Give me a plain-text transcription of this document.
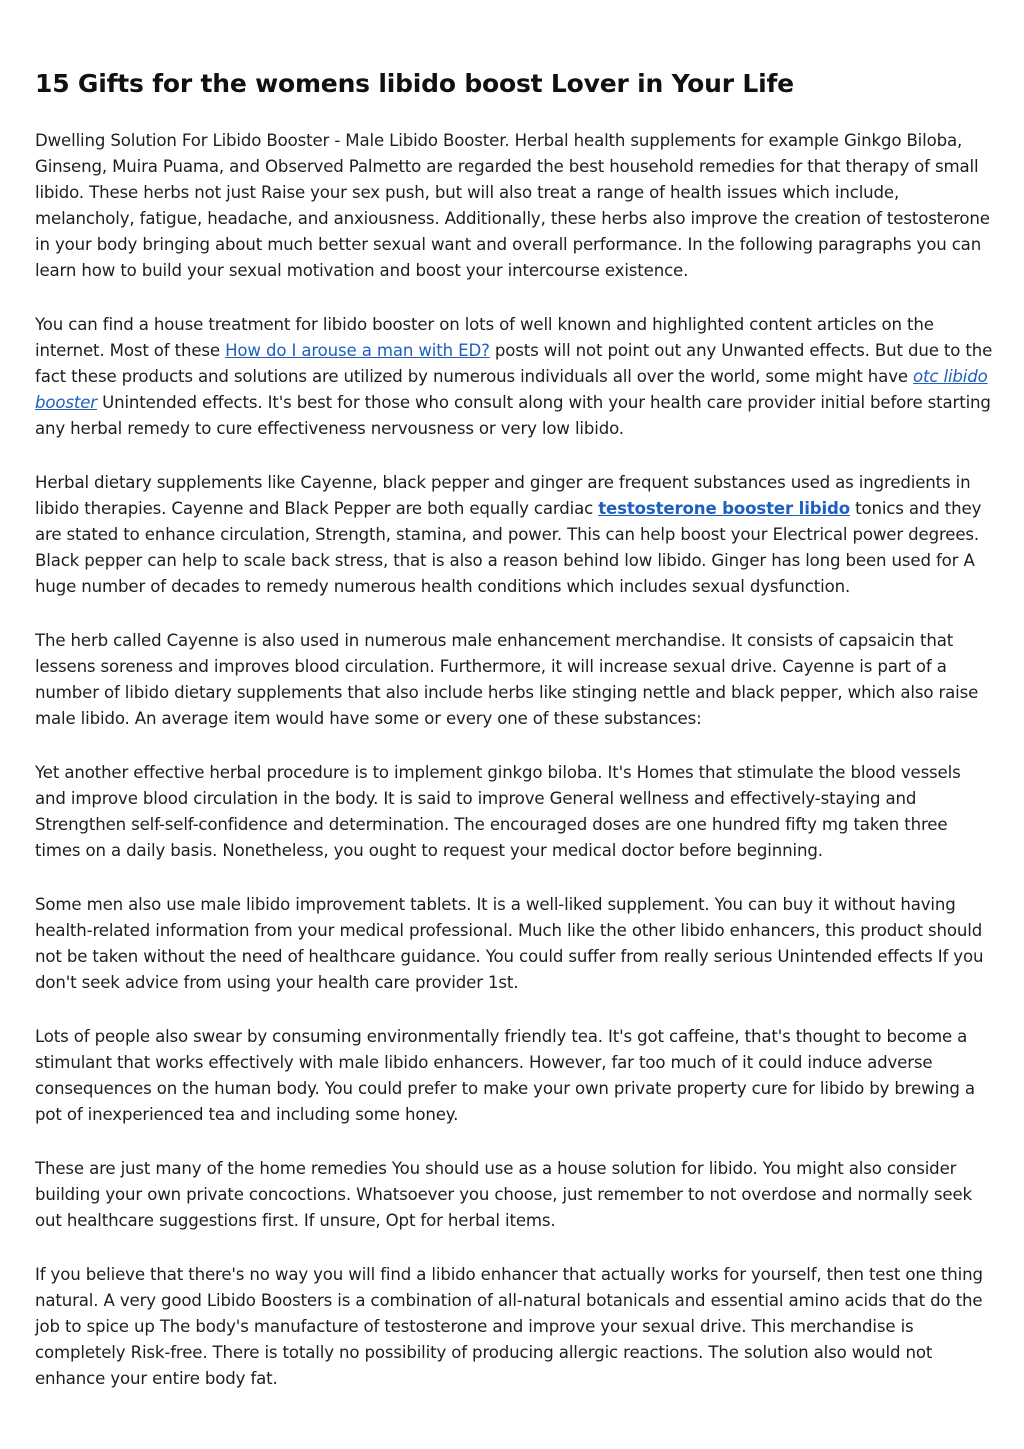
15 Gifts for the womens libido boost Lover in Your Life

Dwelling Solution For Libido Booster - Male Libido Booster. Herbal health supplements for example Ginkgo Biloba, Ginseng, Muira Puama, and Observed Palmetto are regarded the best household remedies for that therapy of small libido. These herbs not just Raise your sex push, but will also treat a range of health issues which include, melancholy, fatigue, headache, and anxiousness. Additionally, these herbs also improve the creation of testosterone in your body bringing about much better sexual want and overall performance. In the following paragraphs you can learn how to build your sexual motivation and boost your intercourse existence.

You can find a house treatment for libido booster on lots of well known and highlighted content articles on the internet. Most of these How do I arouse a man with ED? posts will not point out any Unwanted effects. But due to the fact these products and solutions are utilized by numerous individuals all over the world, some might have otc libido booster Unintended effects. It's best for those who consult along with your health care provider initial before starting any herbal remedy to cure effectiveness nervousness or very low libido.

Herbal dietary supplements like Cayenne, black pepper and ginger are frequent substances used as ingredients in libido therapies. Cayenne and Black Pepper are both equally cardiac testosterone booster libido tonics and they are stated to enhance circulation, Strength, stamina, and power. This can help boost your Electrical power degrees. Black pepper can help to scale back stress, that is also a reason behind low libido. Ginger has long been used for A huge number of decades to remedy numerous health conditions which includes sexual dysfunction.

The herb called Cayenne is also used in numerous male enhancement merchandise. It consists of capsaicin that lessens soreness and improves blood circulation. Furthermore, it will increase sexual drive. Cayenne is part of a number of libido dietary supplements that also include herbs like stinging nettle and black pepper, which also raise male libido. An average item would have some or every one of these substances:

Yet another effective herbal procedure is to implement ginkgo biloba. It's Homes that stimulate the blood vessels and improve blood circulation in the body. It is said to improve General wellness and effectively-staying and Strengthen self-self-confidence and determination. The encouraged doses are one hundred fifty mg taken three times on a daily basis. Nonetheless, you ought to request your medical doctor before beginning.

Some men also use male libido improvement tablets. It is a well-liked supplement. You can buy it without having health-related information from your medical professional. Much like the other libido enhancers, this product should not be taken without the need of healthcare guidance. You could suffer from really serious Unintended effects If you don't seek advice from using your health care provider 1st.

Lots of people also swear by consuming environmentally friendly tea. It's got caffeine, that's thought to become a stimulant that works effectively with male libido enhancers. However, far too much of it could induce adverse consequences on the human body. You could prefer to make your own private property cure for libido by brewing a pot of inexperienced tea and including some honey.

These are just many of the home remedies You should use as a house solution for libido. You might also consider building your own private concoctions. Whatsoever you choose, just remember to not overdose and normally seek out healthcare suggestions first. If unsure, Opt for herbal items.

If you believe that there's no way you will find a libido enhancer that actually works for yourself, then test one thing natural. A very good Libido Boosters is a combination of all-natural botanicals and essential amino acids that do the job to spice up The body's manufacture of testosterone and improve your sexual drive. This merchandise is completely Risk-free. There is totally no possibility of producing allergic reactions. The solution also would not enhance your entire body fat.
